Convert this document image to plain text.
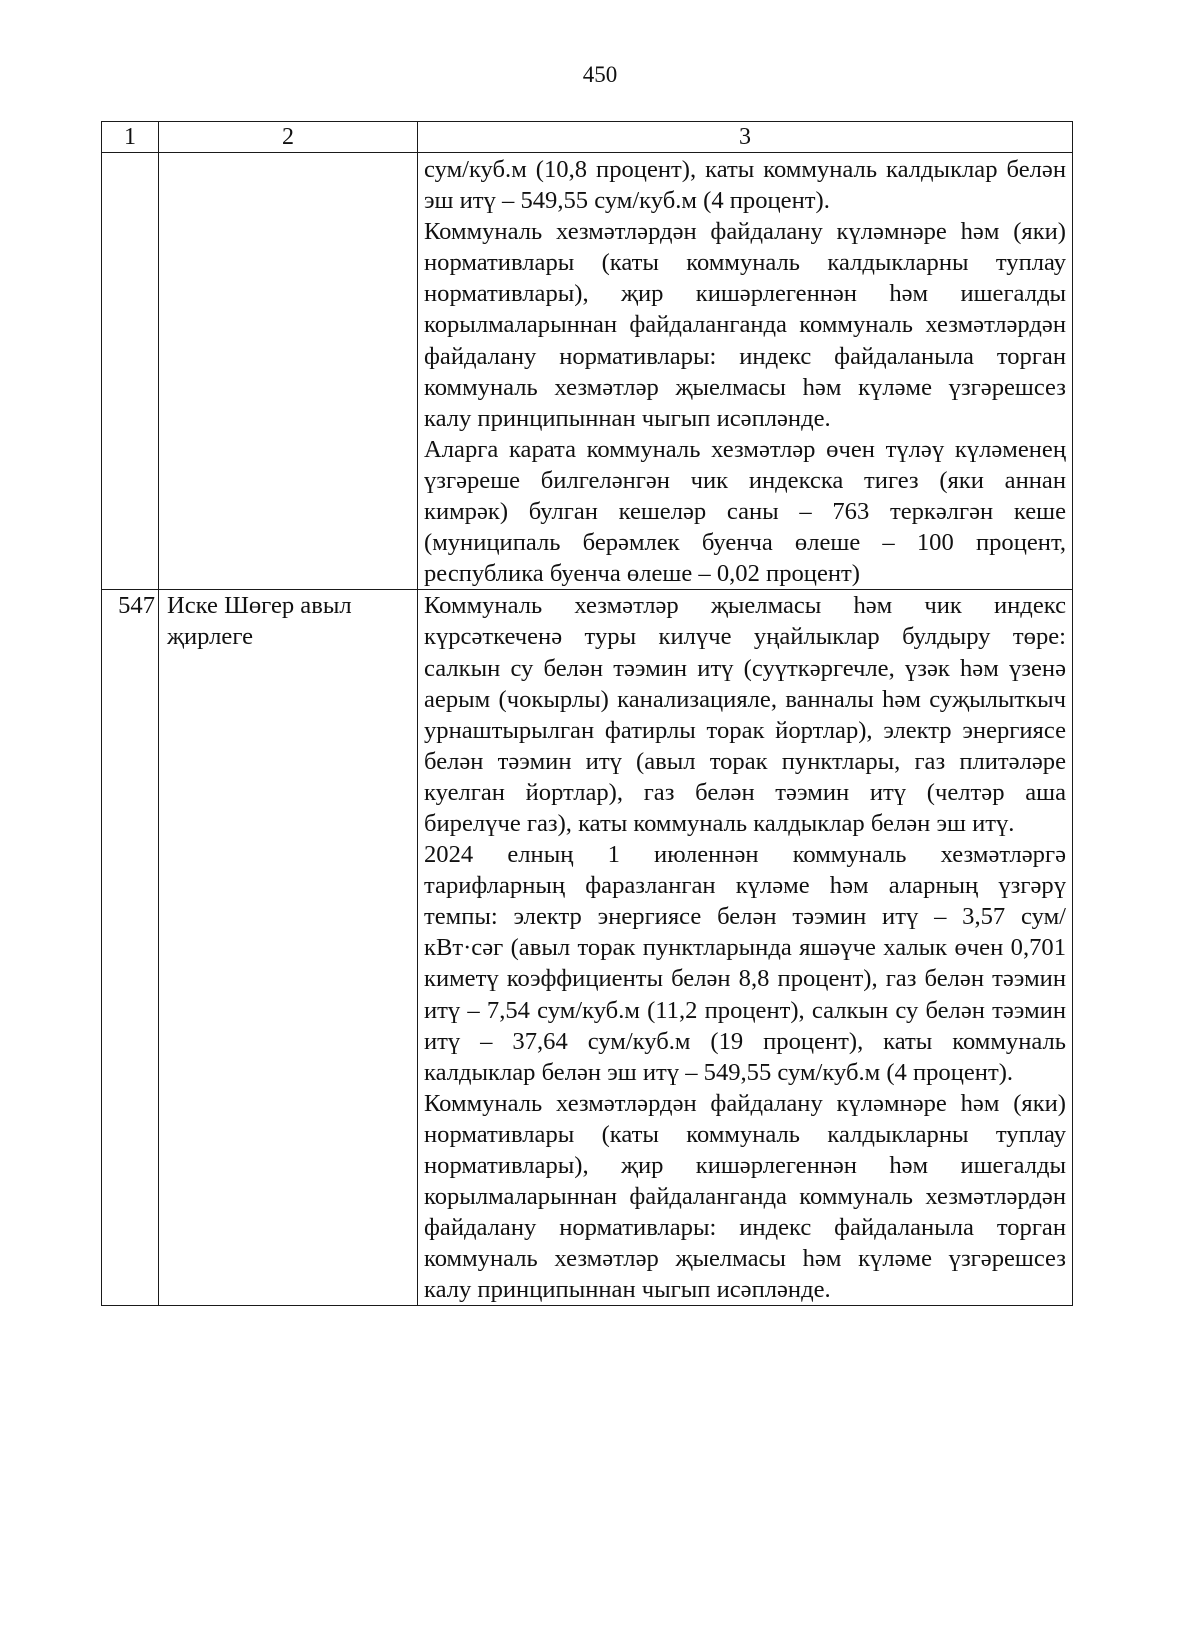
450
1	2	3

		сум/куб.м (10,8 процент), каты коммуналь калдыклар белән эш итү – 549,55 сум/куб.м (4 процент).

Коммуналь хезмәтләрдән файдалану күләмнәре һәм (яки) нормативлары (каты коммуналь калдыкларны туплау нормативлары), җир кишәрлегеннән һәм ишегалды корылмаларыннан файдаланганда коммуналь хезмәтләрдән файдалану нормативлары: индекс файдаланыла торган коммуналь хезмәтләр җыелмасы һәм күләме үзгәрешсез калу принципыннан чыгып исәпләнде.

Аларга карата коммуналь хезмәтләр өчен түләү күләменең үзгәреше билгеләнгән чик индекска тигез (яки аннан кимрәк) булган кешеләр саны – 763 теркәлгән кеше (муниципаль берәмлек буенча өлеше – 100 процент, республика буенча өлеше – 0,02 процент)

547	Иске Шөгер авыл җирлеге	Коммуналь хезмәтләр җыелмасы һәм чик индекс күрсәткеченә туры килүче уңайлыклар булдыру төре: салкын су белән тәэмин итү (суүткәргечле, үзәк һәм үзенә аерым (чокырлы) канализацияле, ванналы һәм суҗылыткыч урнаштырылган фатирлы торак йортлар), электр энергиясе белән тәэмин итү (авыл торак пунктлары, газ плитәләре куелган йортлар), газ белән тәэмин итү (челтәр аша бирелүче газ), каты коммуналь калдыклар белән эш итү.

2024 елның 1 июленнән коммуналь хезмәтләргә тарифларның фаразланган күләме һәм аларның үзгәрү темпы: электр энергиясе белән тәэмин итү – 3,57 сум/кВт·сәг (авыл торак пунктларында яшәүче халык өчен 0,701 киметү коэффициенты белән 8,8 процент), газ белән тәэмин итү – 7,54 сум/куб.м (11,2 процент), салкын су белән тәэмин итү – 37,64 сум/куб.м (19 процент), каты коммуналь калдыклар белән эш итү – 549,55 сум/куб.м (4 процент).

Коммуналь хезмәтләрдән файдалану күләмнәре һәм (яки) нормативлары (каты коммуналь калдыкларны туплау нормативлары), җир кишәрлегеннән һәм ишегалды корылмаларыннан файдаланганда коммуналь хезмәтләрдән файдалану нормативлары: индекс файдаланыла торган коммуналь хезмәтләр җыелмасы һәм күләме үзгәрешсез калу принципыннан чыгып исәпләнде.
